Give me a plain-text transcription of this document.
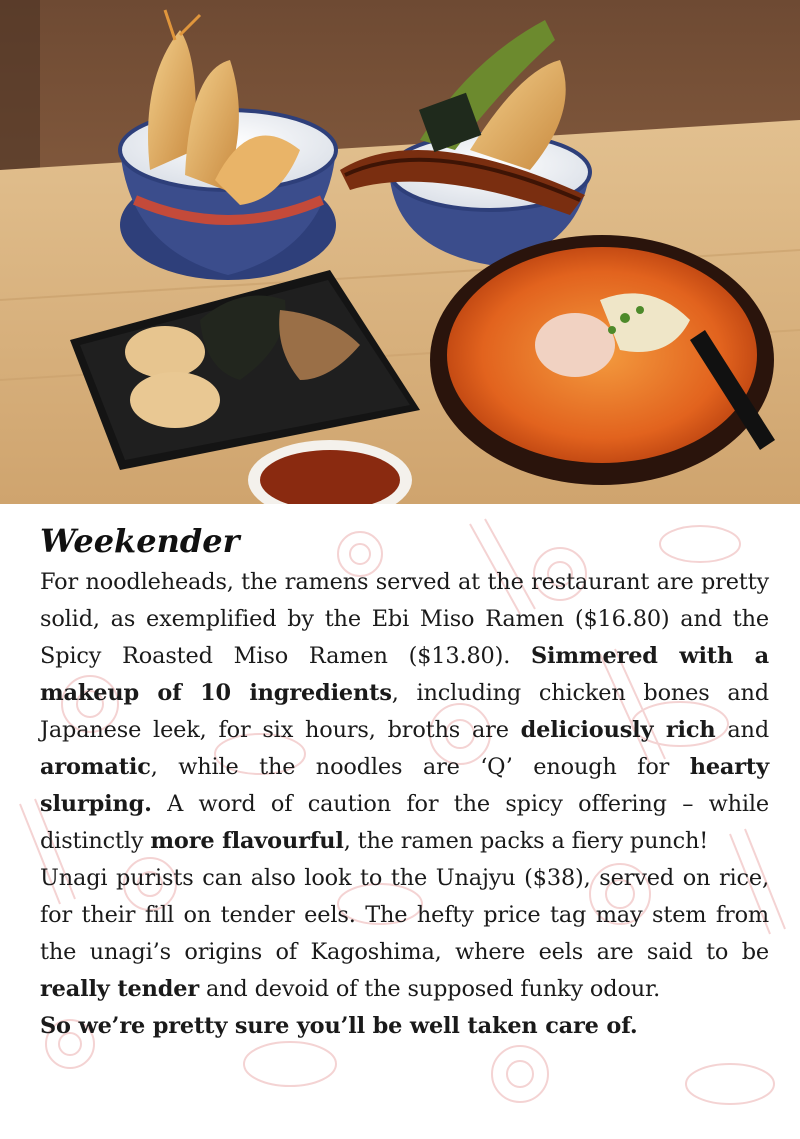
Weekender

For noodleheads, the ramens served at the restaurant are pretty solid, as exemplified by the Ebi Miso Ramen ($16.80) and the Spicy Roasted Miso Ramen ($13.80). Simmered with a makeup of 10 ingredients, including chicken bones and Japanese leek, for six hours, broths are deliciously rich and aromatic, while the noodles are ‘Q’ enough for hearty slurping. A word of caution for the spicy offering – while distinctly more flavourful, the ramen packs a fiery punch!

Unagi purists can also look to the Unajyu ($38), served on rice, for their fill on tender eels. The hefty price tag may stem from the unagi’s origins of Kagoshima, where eels are said to be really tender and devoid of the supposed funky odour.

So we’re pretty sure you’ll be well taken care of.
